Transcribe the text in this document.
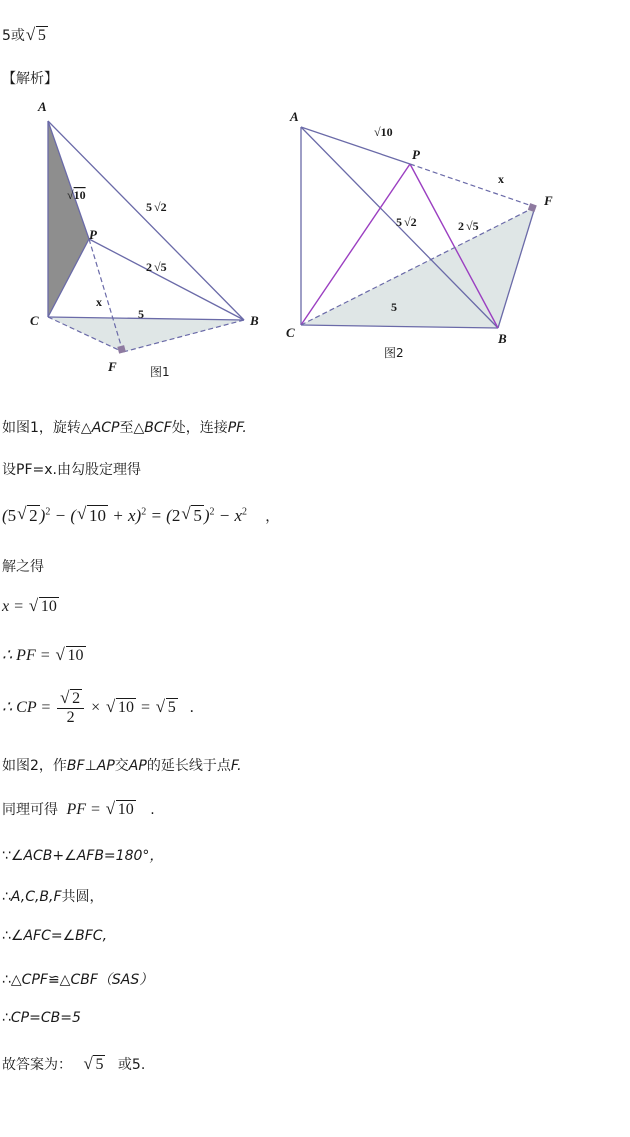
5或 √ 5
【解析】
A
C
P
B
F
√10
5 √2
2 √5
x
5
图1
A
P
F
C	B
√10
5 √2	2 √5
x
5
图2
如图1，旋转△ACP至△BCF处，连接PF.
设PF=x.由勾股定理得
(5 √ 2 )$^2$ − ( √ 10 + x)$^2$ = (2 √ 5 )$^2 - x^2$ ，
解之得
x = √ 10
∴ PF = √ 10
∴ CP = √ $\frac{2}{2}$ × √ 10 = √ 5 .
如图2，作BF⊥AP交AP的延长线于点F.
同理可得 PF = √ 10 .
∵∠ACB+∠AFB=180°，
∴A,C,B,F共圆，
∴∠AFC=∠BFC,
∴△CPF≌△CBF（SAS）
∴CP=CB=5
故答案为： √ 5 或5.
